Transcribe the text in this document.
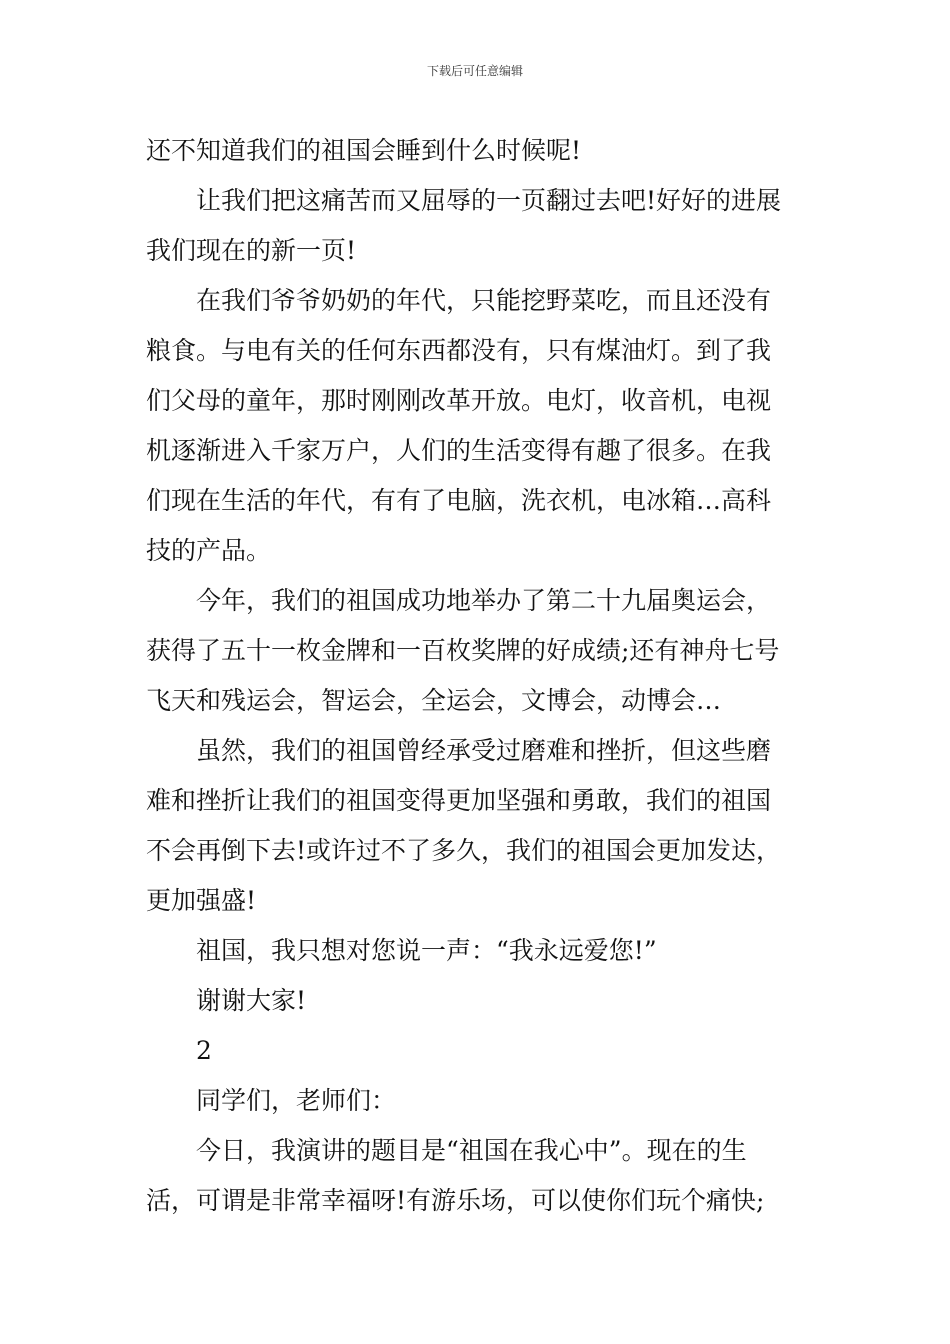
下载后可任意编辑
还不知道我们的祖国会睡到什么时候呢!
让我们把这痛苦而又屈辱的一页翻过去吧!好好的进展
我们现在的新一页!
在我们爷爷奶奶的年代，只能挖野菜吃，而且还没有
粮食。与电有关的任何东西都没有，只有煤油灯。到了我
们父母的童年，那时刚刚改革开放。电灯，收音机，电视
机逐渐进入千家万户，人们的生活变得有趣了很多。在我
们现在生活的年代，有有了电脑，洗衣机，电冰箱…高科
技的产品。
今年，我们的祖国成功地举办了第二十九届奥运会，
获得了五十一枚金牌和一百枚奖牌的好成绩;还有神舟七号
飞天和残运会，智运会，全运会，文博会，动博会…
虽然，我们的祖国曾经承受过磨难和挫折，但这些磨
难和挫折让我们的祖国变得更加坚强和勇敢，我们的祖国
不会再倒下去!或许过不了多久，我们的祖国会更加发达，
更加强盛!
祖国，我只想对您说一声：“我永远爱您!”
谢谢大家!
2
同学们，老师们：
今日，我演讲的题目是“祖国在我心中”。现在的生
活，可谓是非常幸福呀!有游乐场，可以使你们玩个痛快;
